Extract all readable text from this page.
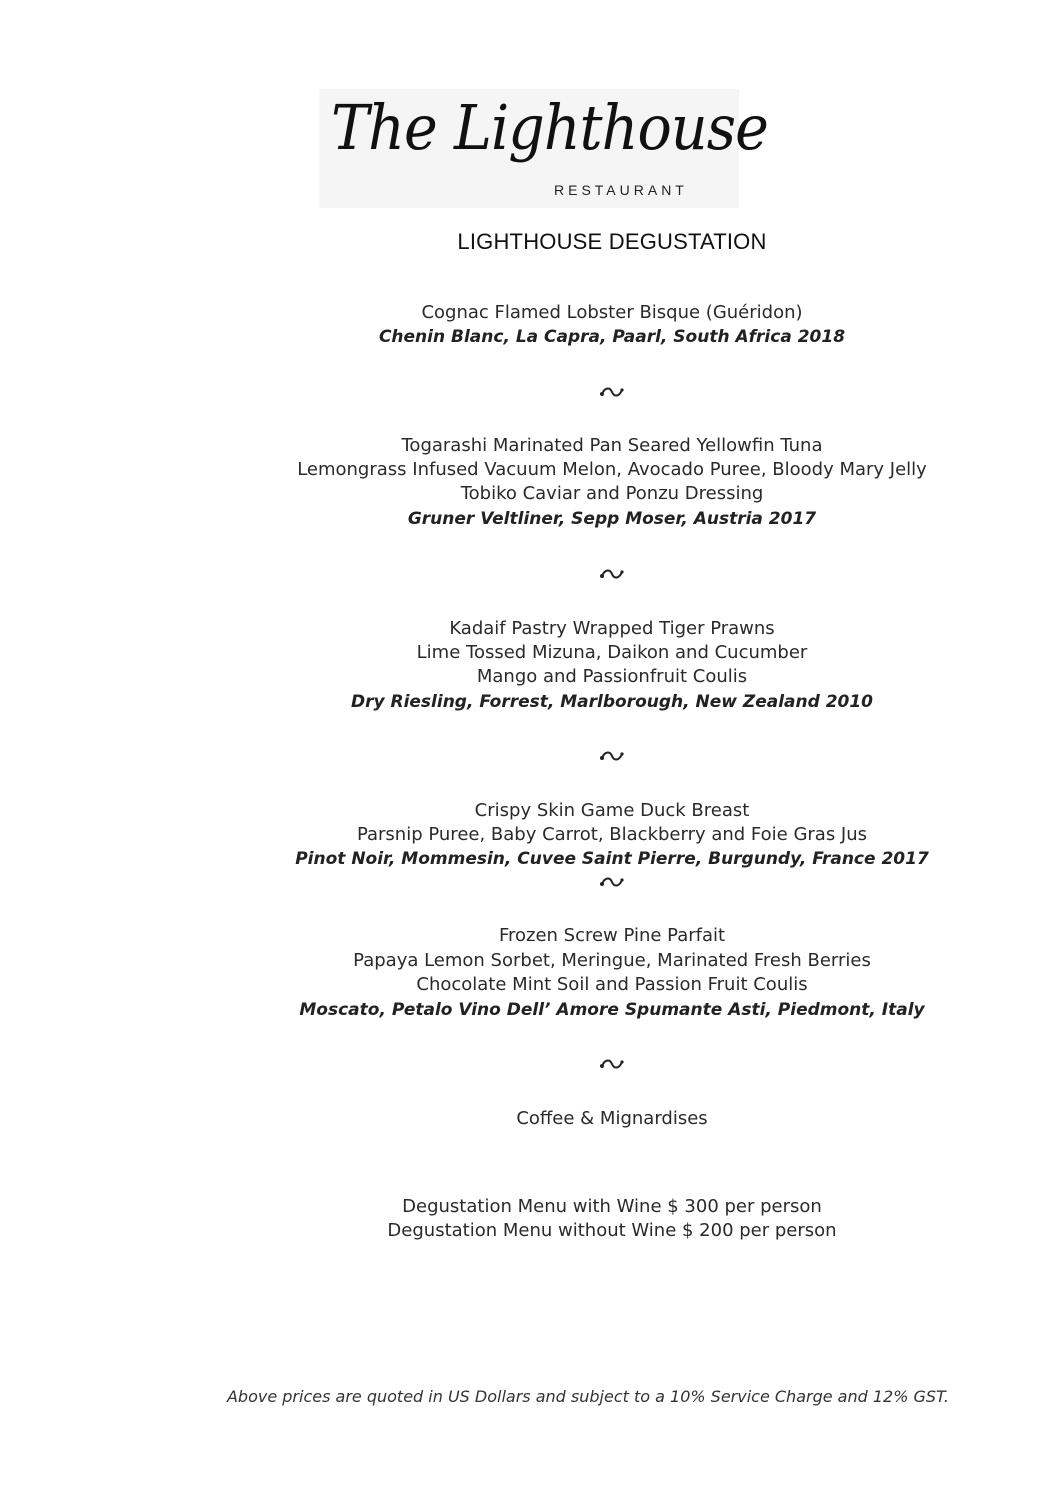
The Lighthouse
RESTAURANT
LIGHTHOUSE DEGUSTATION
Cognac Flamed Lobster Bisque (Guéridon)
Chenin Blanc, La Capra, Paarl, South Africa 2018
Togarashi Marinated Pan Seared Yellowfin Tuna
Lemongrass Infused Vacuum Melon, Avocado Puree, Bloody Mary Jelly
Tobiko Caviar and Ponzu Dressing
Gruner Veltliner, Sepp Moser, Austria 2017
Kadaif Pastry Wrapped Tiger Prawns
Lime Tossed Mizuna, Daikon and Cucumber
Mango and Passionfruit Coulis
Dry Riesling, Forrest, Marlborough, New Zealand 2010
Crispy Skin Game Duck Breast
Parsnip Puree, Baby Carrot, Blackberry and Foie Gras Jus
Pinot Noir, Mommesin, Cuvee Saint Pierre, Burgundy, France 2017
Frozen Screw Pine Parfait
Papaya Lemon Sorbet, Meringue, Marinated Fresh Berries
Chocolate Mint Soil and Passion Fruit Coulis
Moscato, Petalo Vino Dell’ Amore Spumante Asti, Piedmont, Italy
Coffee & Mignardises
Degustation Menu with Wine $ 300 per person
Degustation Menu without Wine $ 200 per person
Above prices are quoted in US Dollars and subject to a 10% Service Charge and 12% GST.
